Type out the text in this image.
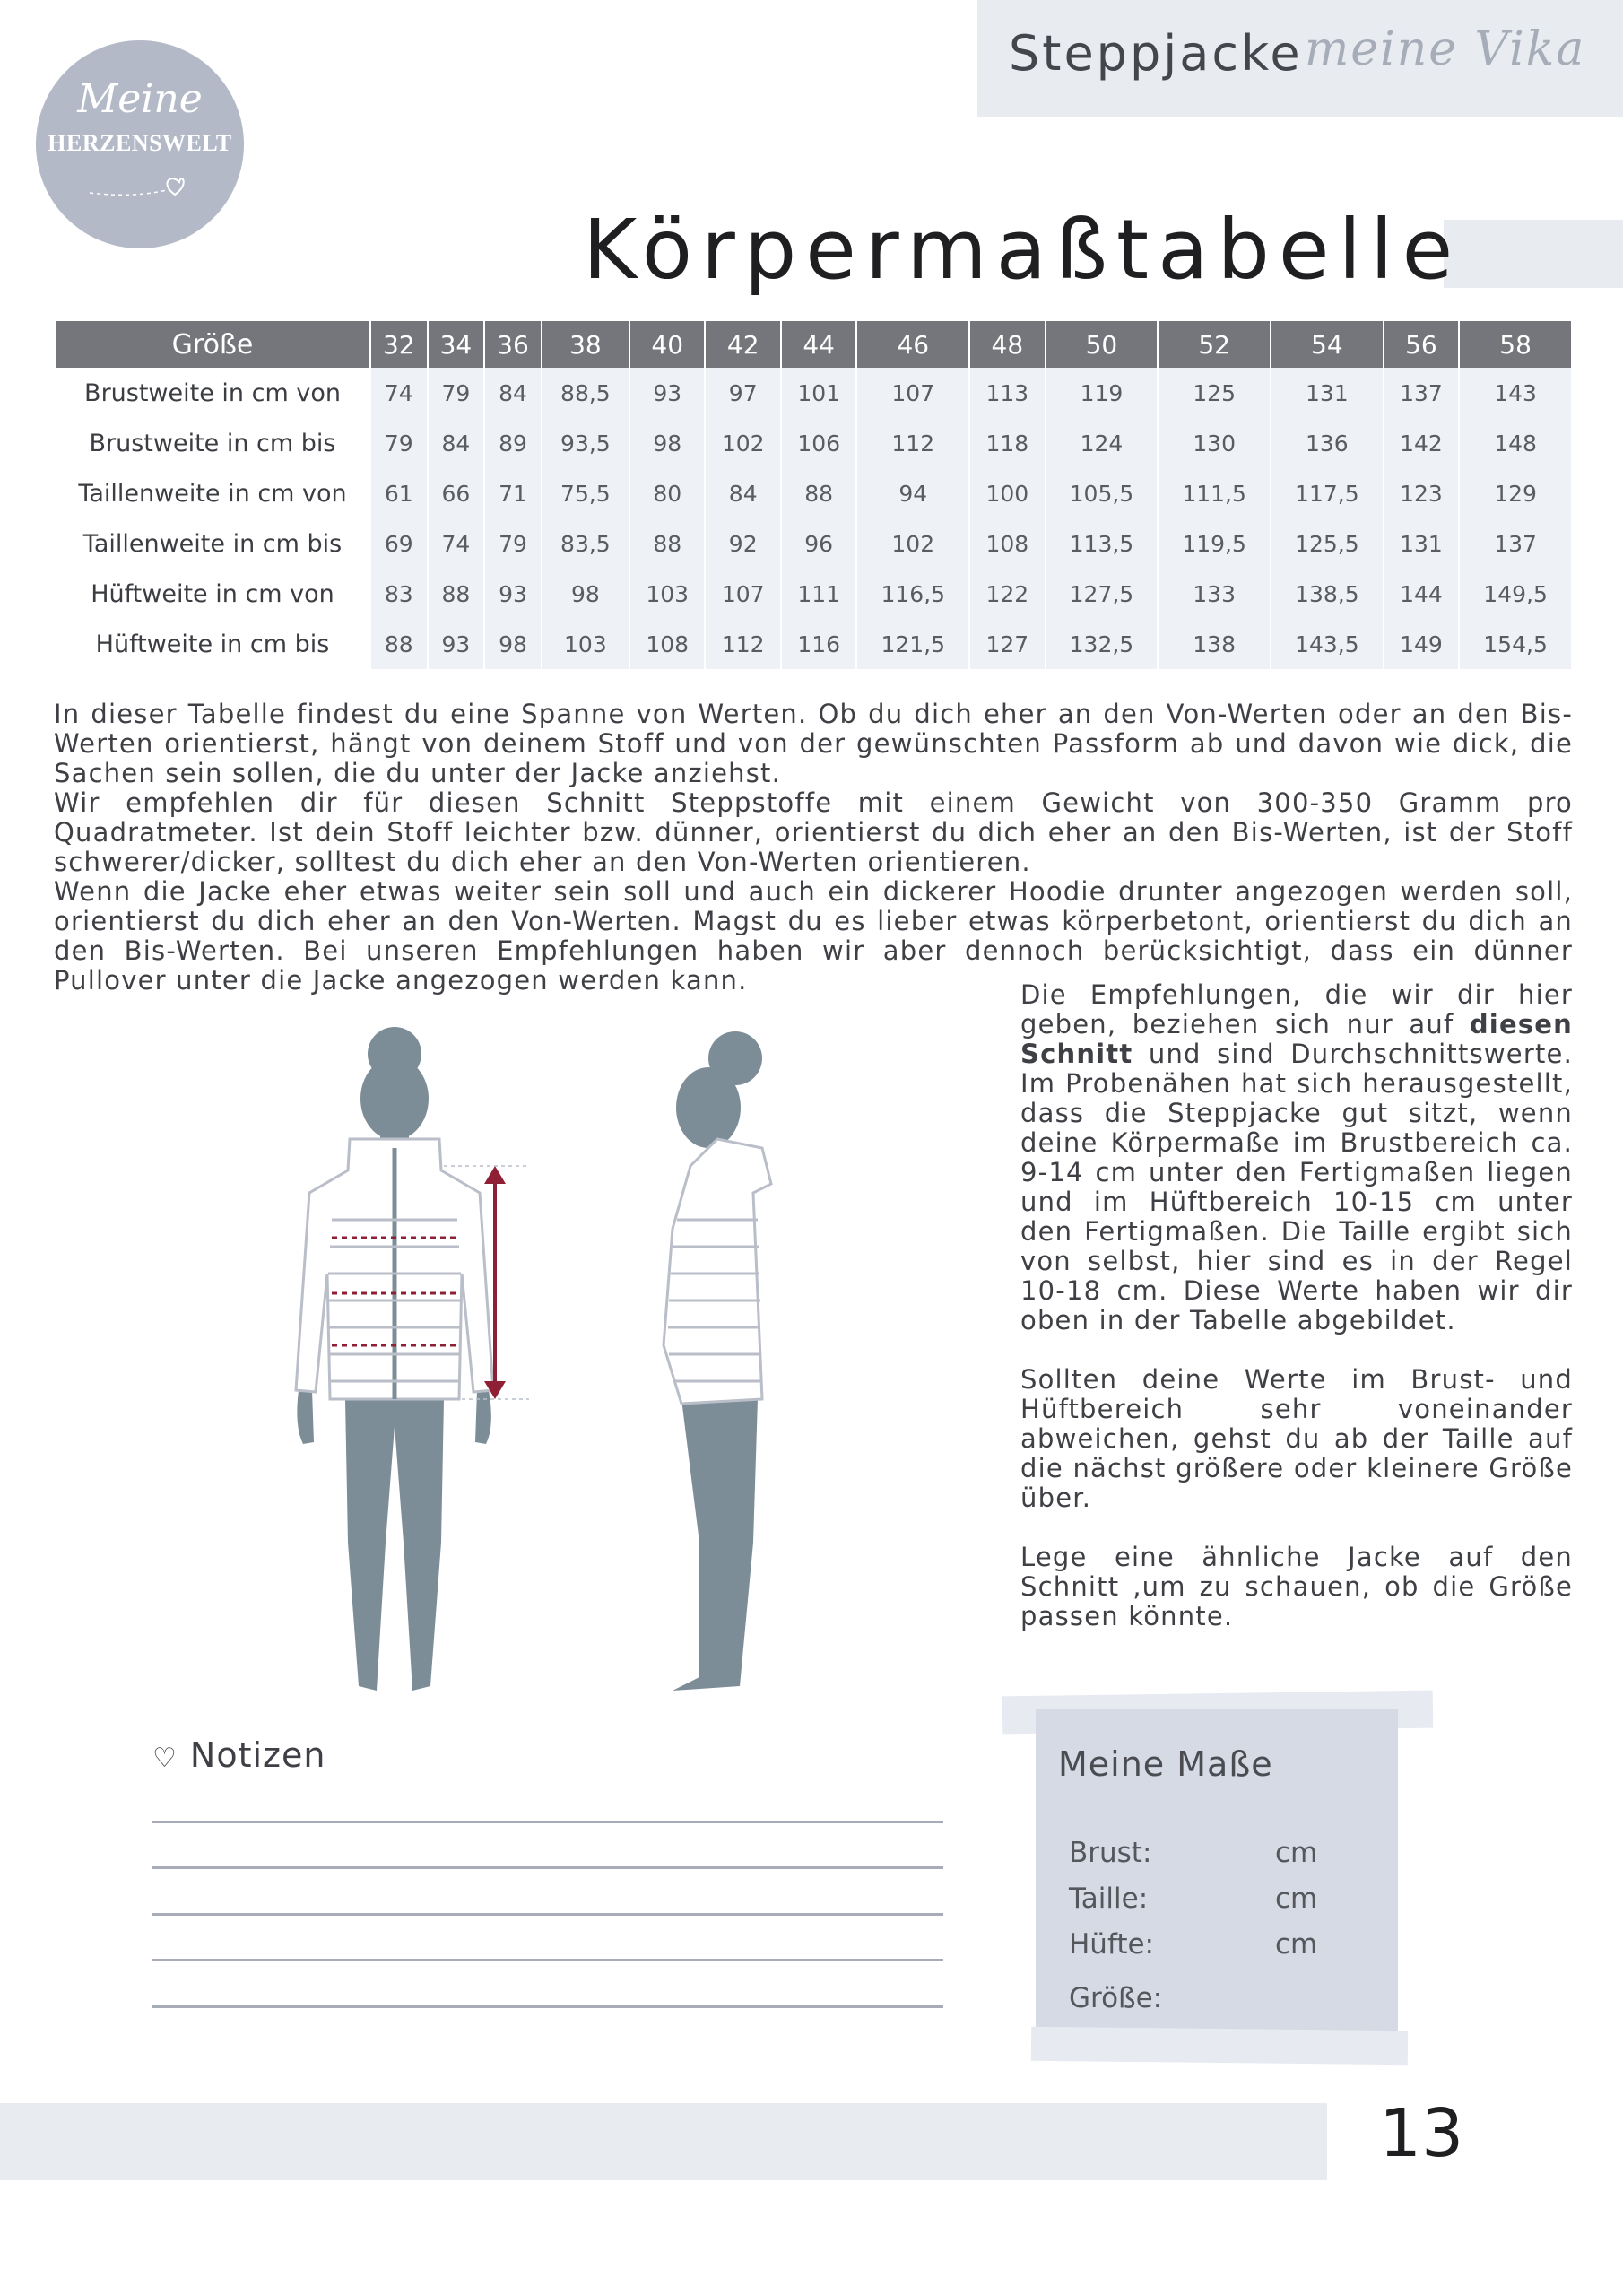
Steppjacke meine Vika
Meine
HERZENSWELT
Körpermaßtabelle
Größe	32	34	36	38	40	42	44	46	48	50	52	54	56	58
Brustweite in cm von	74	79	84	88,5	93	97	101	107	113	119	125	131	137	143
Brustweite in cm bis	79	84	89	93,5	98	102	106	112	118	124	130	136	142	148
Taillenweite in cm von	61	66	71	75,5	80	84	88	94	100	105,5	111,5	117,5	123	129
Taillenweite in cm bis	69	74	79	83,5	88	92	96	102	108	113,5	119,5	125,5	131	137
Hüftweite in cm von	83	88	93	98	103	107	111	116,5	122	127,5	133	138,5	144	149,5
Hüftweite in cm bis	88	93	98	103	108	112	116	121,5	127	132,5	138	143,5	149	154,5

In dieser Tabelle findest du eine Spanne von Werten. Ob du dich eher an den Von-Werten oder an den Bis-Werten orientierst, hängt von deinem Stoff und von der gewünschten Passform ab und davon wie dick, die Sachen sein sollen, die du unter der Jacke anziehst.

Wir empfehlen dir für diesen Schnitt Steppstoffe mit einem Gewicht von 300-350 Gramm pro Quadratmeter. Ist dein Stoff leichter bzw. dünner, orientierst du dich eher an den Bis-Werten, ist der Stoff schwerer/dicker, solltest du dich eher an den Von-Werten orientieren.

Wenn die Jacke eher etwas weiter sein soll und auch ein dickerer Hoodie drunter angezogen werden soll, orientierst du dich eher an den Von-Werten. Magst du es lieber etwas körperbetont, orientierst du dich an den Bis-Werten. Bei unseren Empfehlungen haben wir aber dennoch berücksichtigt, dass ein dünner Pullover unter die Jacke angezogen werden kann.	Die Empfehlungen, die wir dir hier geben, beziehen sich nur auf diesen Schnitt und sind Durchschnittswerte. Im Probenähen hat sich herausgestellt, dass die Steppjacke gut sitzt, wenn deine Körpermaße im Brustbereich ca. 9-14 cm unter den Fertigmaßen liegen und im Hüftbereich 10-15 cm unter den Fertigmaßen. Die Taille ergibt sich von selbst, hier sind es in der Regel 10-18 cm. Diese Werte haben wir dir oben in der Tabelle abgebildet.

Sollten deine Werte im Brust- und Hüftbereich sehr voneinander abweichen, gehst du ab der Taille auf die nächst größere oder kleinere Größe über.

Lege eine ähnliche Jacke auf den Schnitt ,um zu schauen, ob die Größe passen könnte.

♡ Notizen	Meine Maße
Brust:	cm
Taille:	cm
Hüfte:	cm
Größe:
13
